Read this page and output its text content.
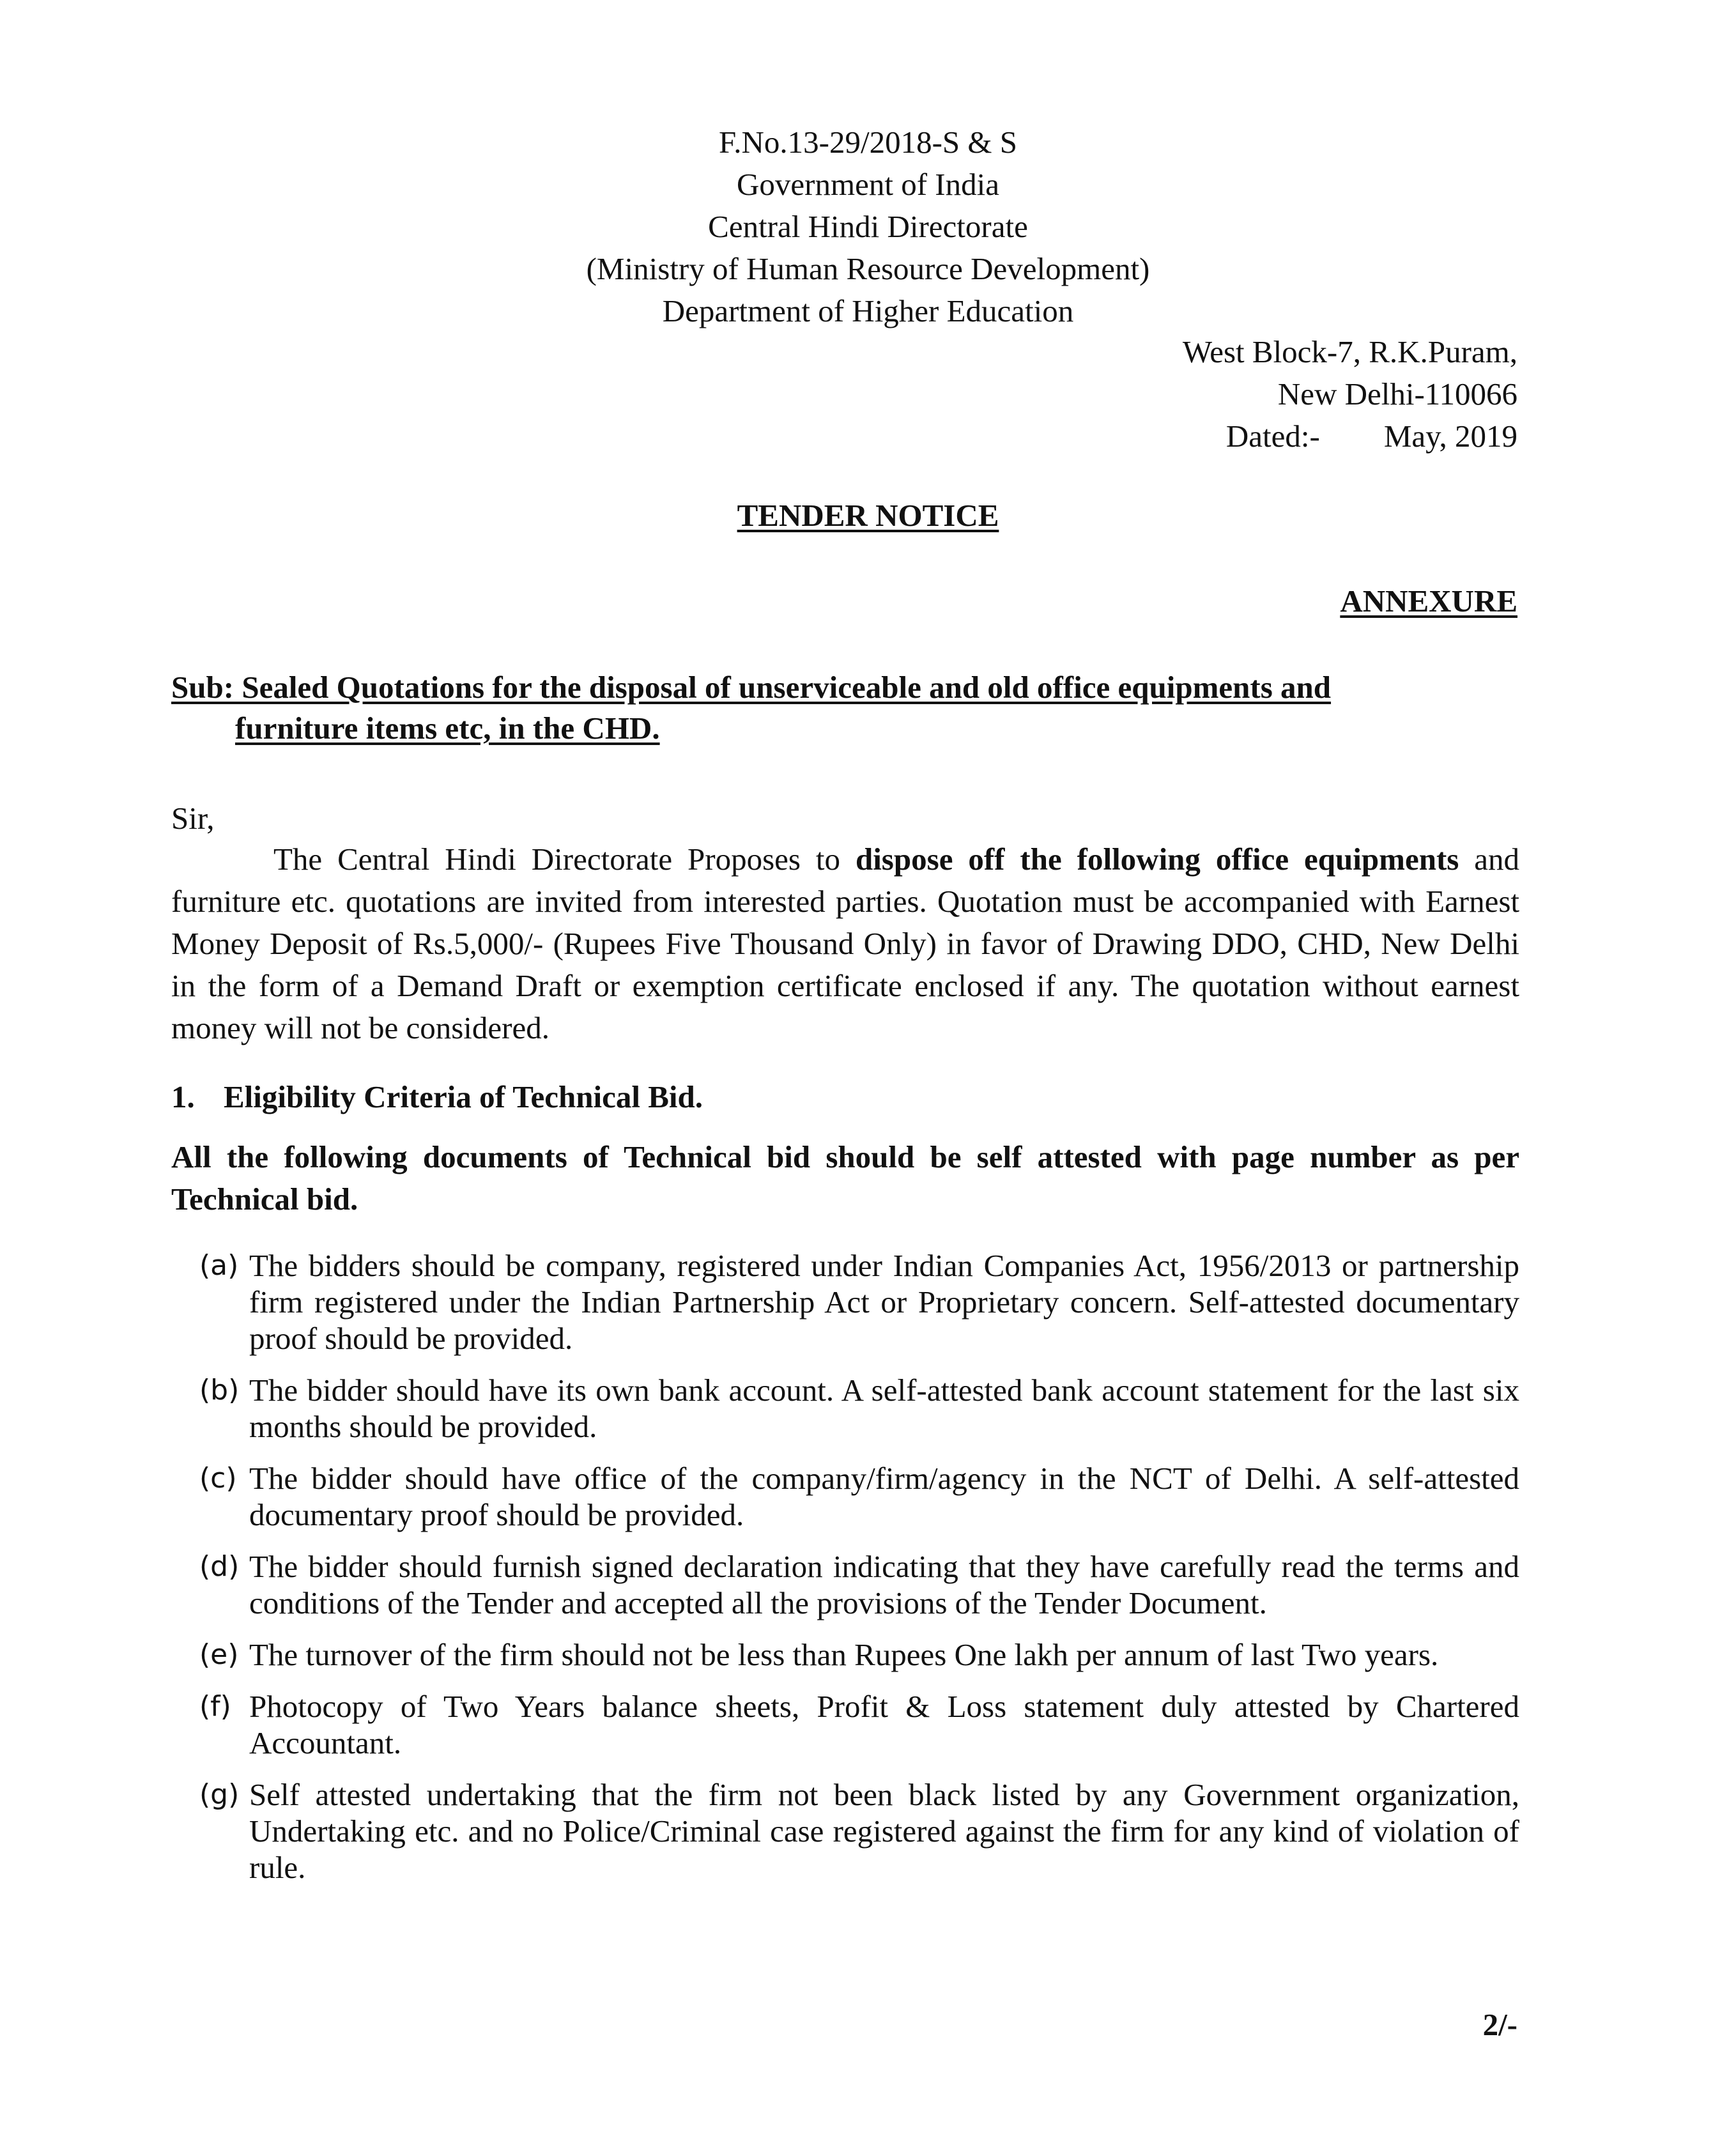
F.No.13-29/2018-S & S
Government of India
Central Hindi Directorate
(Ministry of Human Resource Development)
Department of Higher Education
West Block-7, R.K.Puram,
New Delhi-110066
Dated:- May, 2019
TENDER NOTICE
ANNEXURE
Sub: Sealed Quotations for the disposal of unserviceable and old office equipments and
furniture items etc, in the CHD.
Sir,
The Central Hindi Directorate Proposes to dispose off the following office equipments and furniture etc. quotations are invited from interested parties. Quotation must be accompanied with Earnest Money Deposit of Rs.5,000/- (Rupees Five Thousand Only) in favor of Drawing DDO, CHD, New Delhi in the form of a Demand Draft or exemption certificate enclosed if any. The quotation without earnest money will not be considered.
1. Eligibility Criteria of Technical Bid.
All the following documents of Technical bid should be self attested with page number as per Technical bid.
(a) The bidders should be company, registered under Indian Companies Act, 1956/2013 or partnership firm registered under the Indian Partnership Act or Proprietary concern. Self-attested documentary proof should be provided.
(b) The bidder should have its own bank account. A self-attested bank account statement for the last six months should be provided.
(c) The bidder should have office of the company/firm/agency in the NCT of Delhi. A self-attested documentary proof should be provided.
(d) The bidder should furnish signed declaration indicating that they have carefully read the terms and conditions of the Tender and accepted all the provisions of the Tender Document.
(e) The turnover of the firm should not be less than Rupees One lakh per annum of last Two years.
(f) Photocopy of Two Years balance sheets, Profit & Loss statement duly attested by Chartered Accountant.
(g) Self attested undertaking that the firm not been black listed by any Government organization, Undertaking etc. and no Police/Criminal case registered against the firm for any kind of violation of rule.
2/-
